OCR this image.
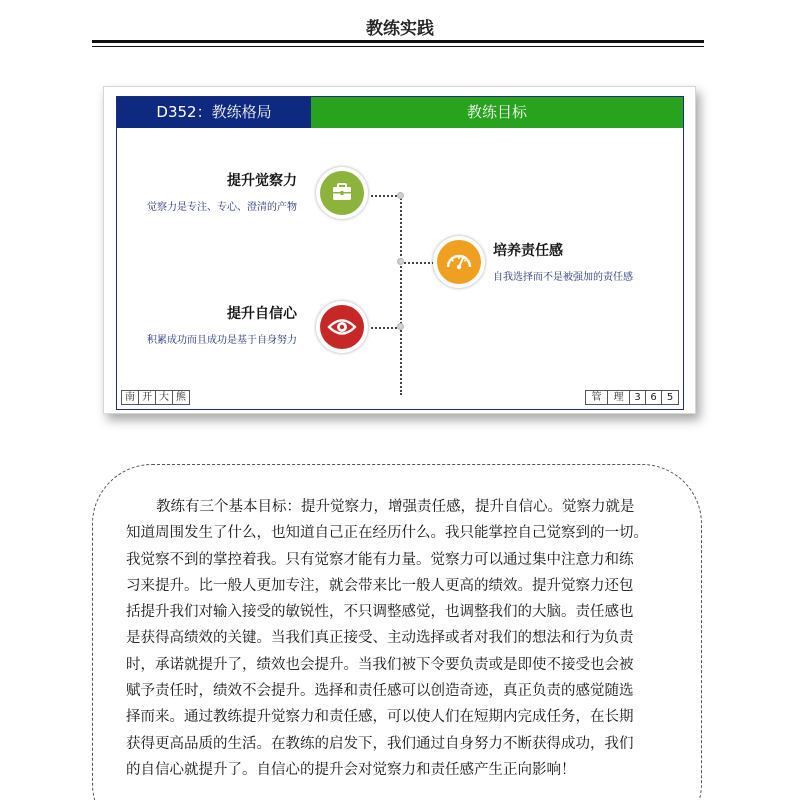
教练实践
D352：教练格局	教练目标
提升觉察力
觉察力是专注、专心、澄清的产物
培养责任感
自我选择而不是被强加的责任感
提升自信心
积累成功而且成功是基于自身努力
南 开 大 熊	管	理	3 6	5
教练有三个基本目标：提升觉察力，增强责任感，提升自信心。觉察力就是
知道周围发生了什么，也知道自己正在经历什么。我只能掌控自己觉察到的一切。
我觉察不到的掌控着我。只有觉察才能有力量。觉察力可以通过集中注意力和练
习来提升。比一般人更加专注，就会带来比一般人更高的绩效。提升觉察力还包
括提升我们对输入接受的敏锐性，不只调整感觉，也调整我们的大脑。责任感也
是获得高绩效的关键。当我们真正接受、主动选择或者对我们的想法和行为负责
时，承诺就提升了，绩效也会提升。当我们被下令要负责或是即使不接受也会被
赋予责任时，绩效不会提升。选择和责任感可以创造奇迹，真正负责的感觉随选
择而来。通过教练提升觉察力和责任感，可以使人们在短期内完成任务，在长期
获得更高品质的生活。在教练的启发下，我们通过自身努力不断获得成功，我们
的自信心就提升了。自信心的提升会对觉察力和责任感产生正向影响！
